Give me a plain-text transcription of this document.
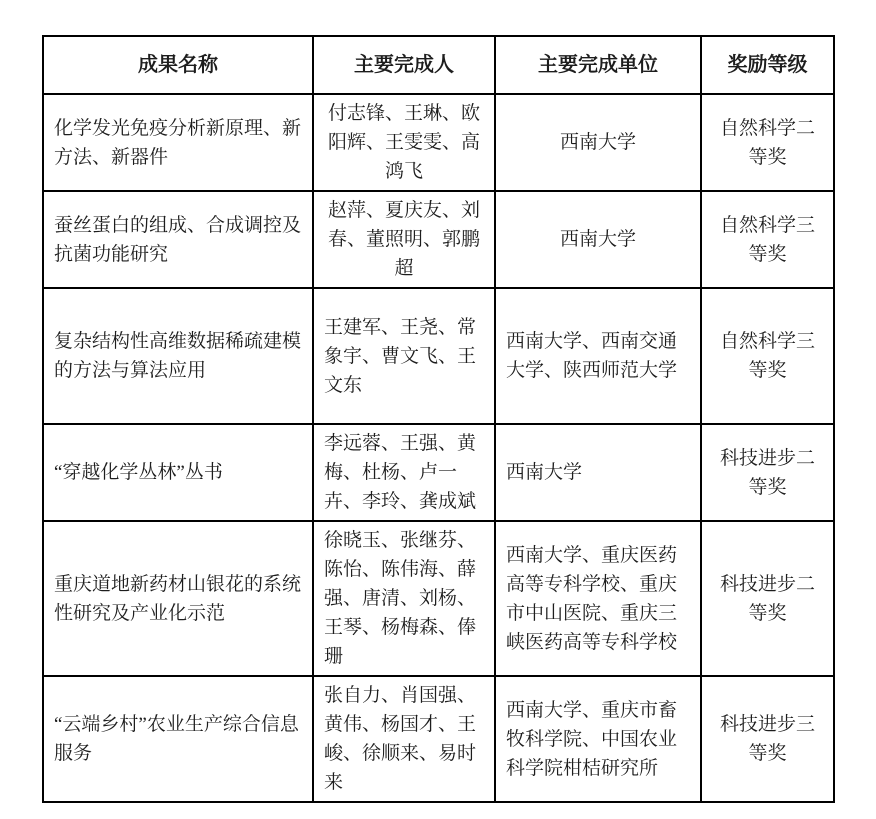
成果名称	主要完成人	主要完成单位	奖励等级
化学发光免疫分析新原理、新方法、新器件	付志锋、王琳、欧阳辉、王雯雯、高鸿飞	西南大学	自然科学二等奖
蚕丝蛋白的组成、合成调控及抗菌功能研究	赵萍、夏庆友、刘春、董照明、郭鹏超	西南大学	自然科学三等奖
复杂结构性高维数据稀疏建模的方法与算法应用	王建军、王尧、常象宇、曹文飞、王文东	西南大学、西南交通大学、陕西师范大学	自然科学三等奖
“穿越化学丛林”丛书	李远蓉、王强、黄梅、杜杨、卢一卉、李玲、龚成斌	西南大学	科技进步二等奖
重庆道地新药材山银花的系统性研究及产业化示范	徐晓玉、张继芬、陈怡、陈伟海、薛强、唐清、刘杨、王琴、杨梅森、俸珊	西南大学、重庆医药高等专科学校、重庆市中山医院、重庆三峡医药高等专科学校	科技进步二等奖
“云端乡村”农业生产综合信息服务	张自力、肖国强、黄伟、杨国才、王峻、徐顺来、易时来	西南大学、重庆市畜牧科学院、中国农业科学院柑桔研究所	科技进步三等奖
